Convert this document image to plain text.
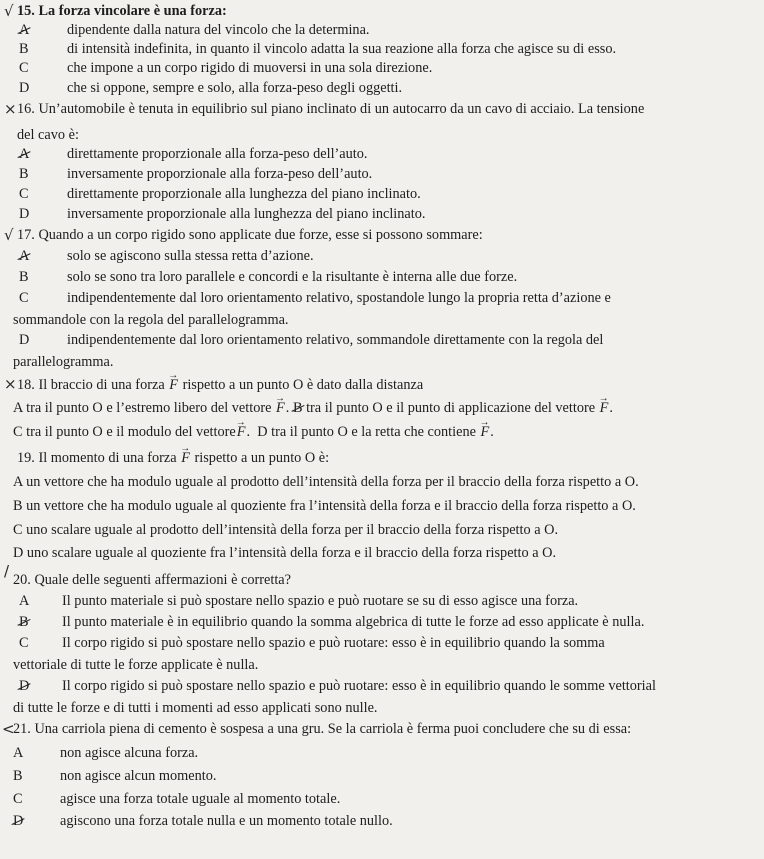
√ 15. La forza vincolare è una forza:
A	dipendente dalla natura del vincolo che la determina.
B	di intensità indefinita, in quanto il vincolo adatta la sua reazione alla forza che agisce su di esso.
C	che impone a un corpo rigido di muoversi in una sola direzione.
D	che si oppone, sempre e solo, alla forza-peso degli oggetti.
× 16. Un’automobile è tenuta in equilibrio sul piano inclinato di un autocarro da un cavo di acciaio. La tensione
del cavo è:
A	direttamente proporzionale alla forza-peso dell’auto.
B	inversamente proporzionale alla forza-peso dell’auto.
C	direttamente proporzionale alla lunghezza del piano inclinato.
D	inversamente proporzionale alla lunghezza del piano inclinato.
√ 17. Quando a un corpo rigido sono applicate due forze, esse si possono sommare:
A	solo se agiscono sulla stessa retta d’azione.
B	solo se sono tra loro parallele e concordi e la risultante è interna alle due forze.
C	indipendentemente dal loro orientamento relativo, spostandole lungo la propria retta d’azione e
sommandole con la regola del parallelogramma.
D	indipendentemente dal loro orientamento relativo, sommandole direttamente con la regola del
parallelogramma.
× 18. Il braccio di una forza → F rispetto a un punto O è dato dalla distanza
A tra il punto O e l’estremo libero del vettore → F. B tra il punto O e il punto di applicazione del vettore → F.
C tra il punto O e il modulo del vettore→ F.  D tra il punto O e la retta che contiene → F.
19. Il momento di una forza → F rispetto a un punto O è:
A un vettore che ha modulo uguale al prodotto dell’intensità della forza per il braccio della forza rispetto a O.
B un vettore che ha modulo uguale al quoziente fra l’intensità della forza e il braccio della forza rispetto a O.
C uno scalare uguale al prodotto dell’intensità della forza per il braccio della forza rispetto a O.
D uno scalare uguale al quoziente fra l’intensità della forza e il braccio della forza rispetto a O.
/ 20. Quale delle seguenti affermazioni è corretta?
A Il punto materiale si può spostare nello spazio e può ruotare se su di esso agisce una forza.
B Il punto materiale è in equilibrio quando la somma algebrica di tutte le forze ad esso applicate è nulla.
C Il corpo rigido si può spostare nello spazio e può ruotare: esso è in equilibrio quando la somma
vettoriale di tutte le forze applicate è nulla.
D Il corpo rigido si può spostare nello spazio e può ruotare: esso è in equilibrio quando le somme vettorial
di tutte le forze e di tutti i momenti ad esso applicati sono nulle.
<
21. Una carriola piena di cemento è sospesa a una gru. Se la carriola è ferma puoi concludere che su di essa:
A	non agisce alcuna forza.
B	non agisce alcun momento.
C	agisce una forza totale uguale al momento totale.
D	agiscono una forza totale nulla e un momento totale nullo.
